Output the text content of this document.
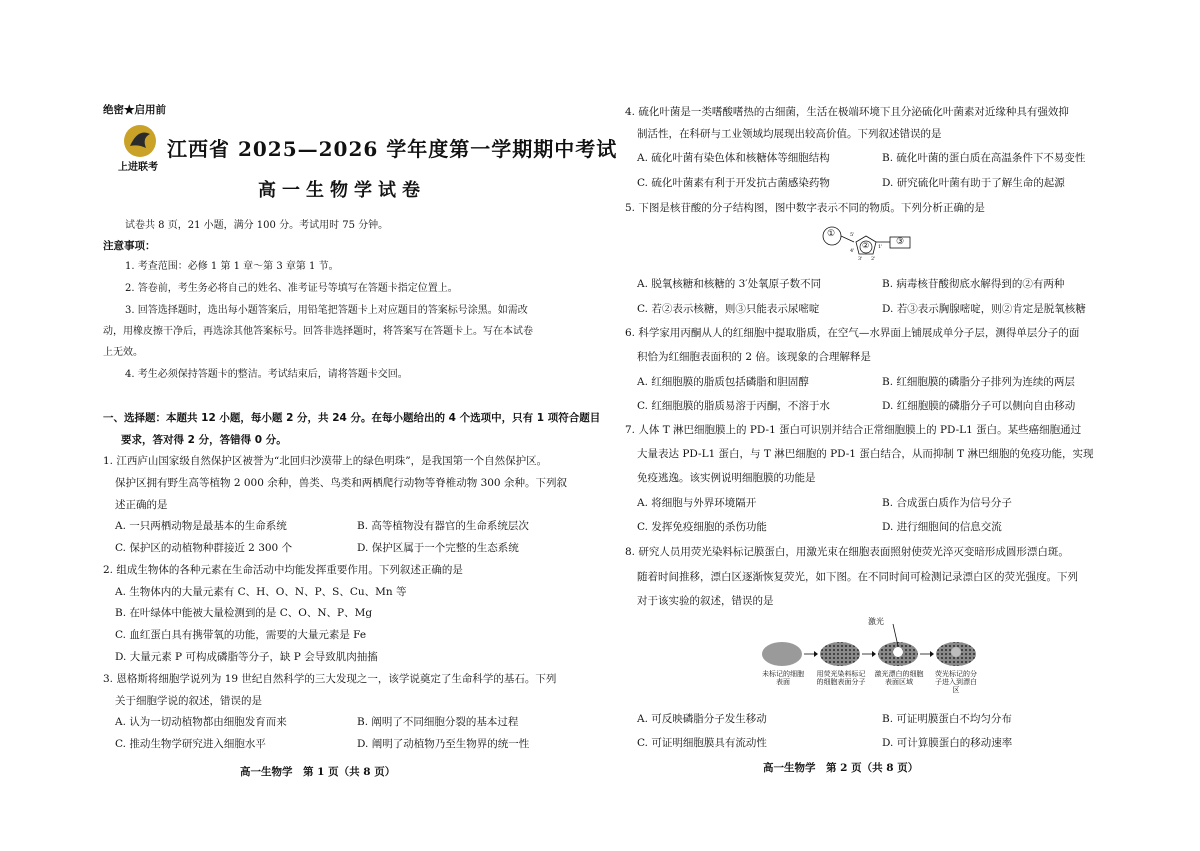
绝密★启用前
上进联考
江西省 2025—2026 学年度第一学期期中考试
高一生物学试卷
试卷共 8 页，21 小题，满分 100 分。考试用时 75 分钟。
注意事项：
1. 考查范围：必修 1 第 1 章～第 3 章第 1 节。
2. 答卷前，考生务必将自己的姓名、准考证号等填写在答题卡指定位置上。
3. 回答选择题时，选出每小题答案后，用铅笔把答题卡上对应题目的答案标号涂黑。如需改
动，用橡皮擦干净后，再选涂其他答案标号。回答非选择题时，将答案写在答题卡上。写在本试卷
上无效。
4. 考生必须保持答题卡的整洁。考试结束后，请将答题卡交回。
一、选择题：本题共 12 小题，每小题 2 分，共 24 分。在每小题给出的 4 个选项中，只有 1 项符合题目
要求，答对得 2 分，答错得 0 分。
1. 江西庐山国家级自然保护区被誉为“北回归沙漠带上的绿色明珠”，是我国第一个自然保护区。
保护区拥有野生高等植物 2 000 余种，兽类、鸟类和两栖爬行动物等脊椎动物 300 余种。下列叙
述正确的是
A. 一只两栖动物是最基本的生命系统	B. 高等植物没有器官的生命系统层次
C. 保护区的动植物种群接近 2 300 个	D. 保护区属于一个完整的生态系统
2. 组成生物体的各种元素在生命活动中均能发挥重要作用。下列叙述正确的是
A. 生物体内的大量元素有 C、H、O、N、P、S、Cu、Mn 等
B. 在叶绿体中能被大量检测到的是 C、O、N、P、Mg
C. 血红蛋白具有携带氧的功能，需要的大量元素是 Fe
D. 大量元素 P 可构成磷脂等分子，缺 P 会导致肌肉抽搐
3. 恩格斯将细胞学说列为 19 世纪自然科学的三大发现之一，该学说奠定了生命科学的基石。下列
关于细胞学说的叙述，错误的是
A. 认为一切动植物都由细胞发育而来	B. 阐明了不同细胞分裂的基本过程
C. 推动生物学研究进入细胞水平	D. 阐明了动植物乃至生物界的统一性
高一生物学　第 1 页（共 8 页）
4. 硫化叶菌是一类嗜酸嗜热的古细菌，生活在极端环境下且分泌硫化叶菌素对近缘种具有强效抑
制活性，在科研与工业领域均展现出较高价值。下列叙述错误的是
A. 硫化叶菌有染色体和核糖体等细胞结构	B. 硫化叶菌的蛋白质在高温条件下不易变性
C. 硫化叶菌素有利于开发抗古菌感染药物	D. 研究硫化叶菌有助于了解生命的起源
5. 下图是核苷酸的分子结构图，图中数字表示不同的物质。下列分析正确的是
①
②	③
5'
4'
3' 2'
1'
A. 脱氧核糖和核糖的 3′处氧原子数不同	B. 病毒核苷酸彻底水解得到的②有两种
C. 若②表示核糖，则③只能表示尿嘧啶	D. 若③表示胸腺嘧啶，则②肯定是脱氧核糖
6. 科学家用丙酮从人的红细胞中提取脂质，在空气—水界面上铺展成单分子层，测得单层分子的面
积恰为红细胞表面积的 2 倍。该现象的合理解释是
A. 红细胞膜的脂质包括磷脂和胆固醇	B. 红细胞膜的磷脂分子排列为连续的两层
C. 红细胞膜的脂质易溶于丙酮，不溶于水	D. 红细胞膜的磷脂分子可以侧向自由移动
7. 人体 T 淋巴细胞膜上的 PD-1 蛋白可识别并结合正常细胞膜上的 PD-L1 蛋白。某些癌细胞通过
大量表达 PD-L1 蛋白，与 T 淋巴细胞的 PD-1 蛋白结合，从而抑制 T 淋巴细胞的免疫功能，实现
免疫逃逸。该实例说明细胞膜的功能是
A. 将细胞与外界环境隔开	B. 合成蛋白质作为信号分子
C. 发挥免疫细胞的杀伤功能	D. 进行细胞间的信息交流
8. 研究人员用荧光染料标记膜蛋白，用激光束在细胞表面照射使荧光淬灭变暗形成圆形漂白斑。
随着时间推移，漂白区逐渐恢复荧光，如下图。在不同时间可检测记录漂白区的荧光强度。下列
对于该实验的叙述，错误的是
激光
未标记的细胞表面
用荧光染料标记的细胞表面分子
激光漂白的细胞表面区域
荧光标记的分子进入到漂白区
A. 可反映磷脂分子发生移动	B. 可证明膜蛋白不均匀分布
C. 可证明细胞膜具有流动性	D. 可计算膜蛋白的移动速率
高一生物学　第 2 页（共 8 页）
